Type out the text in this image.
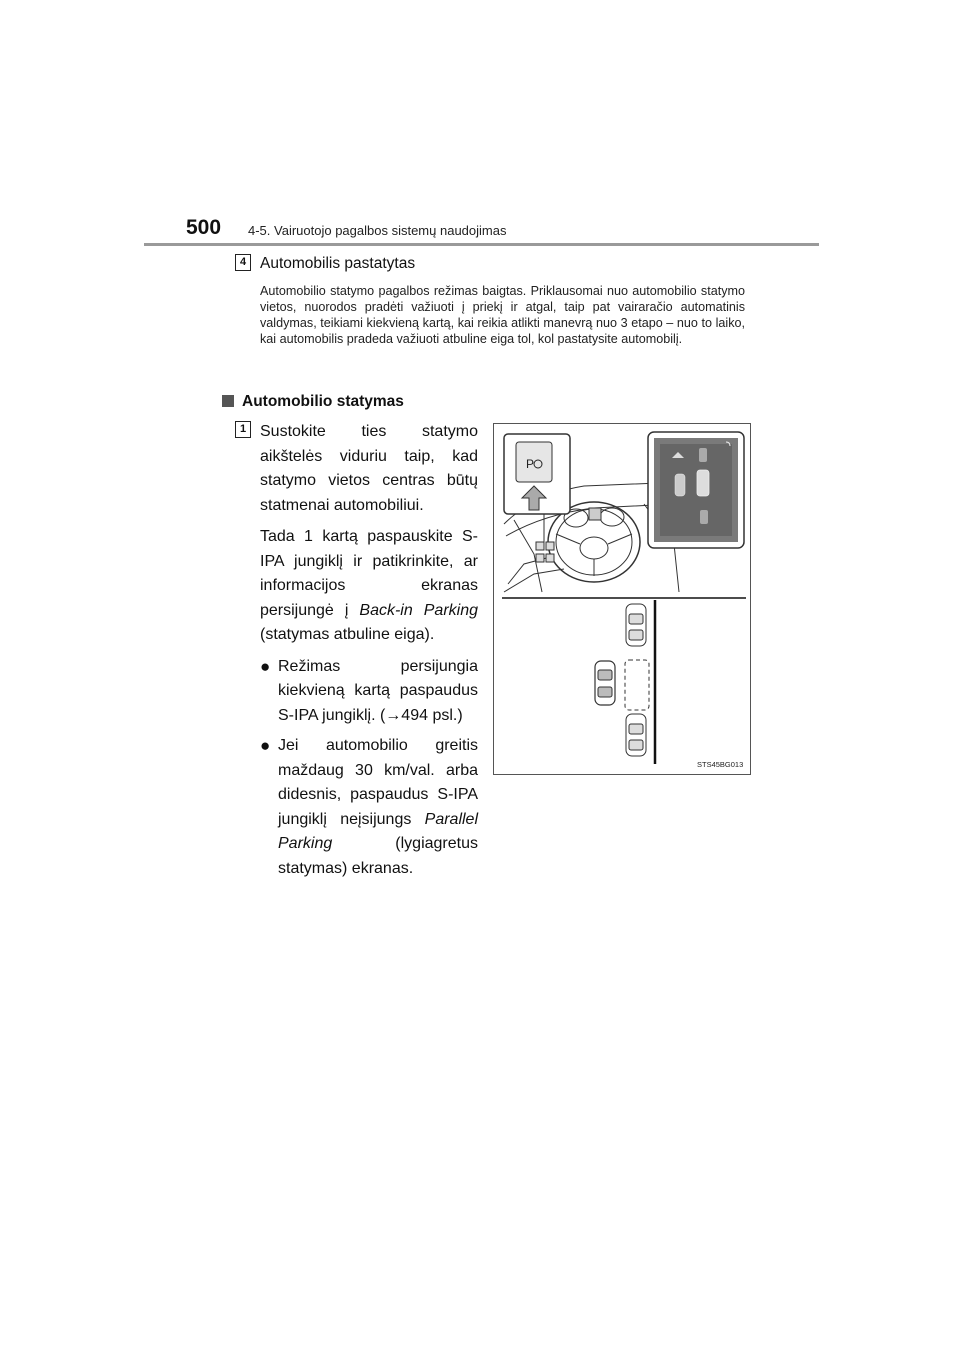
500 4-5. Vairuotojo pagalbos sistemų naudojimas
4 Automobilis pastatytas
Automobilio statymo pagalbos režimas baigtas. Priklausomai nuo automobilio statymo vietos, nuorodos pradėti važiuoti į priekį ir atgal, taip pat vairaračio automatinis valdymas, teikiami kiekvieną kartą, kai reikia atlikti manevrą nuo 3 etapo – nuo to laiko, kai automobilis pradeda važiuoti atbuline eiga tol, kol pastatysite automobilį.
Automobilio statymas
1 Sustokite ties statymo aikštelės viduriu taip, kad statymo vietos centras būtų statmenai automobiliui.

Tada 1 kartą paspauskite S-IPA jungiklį ir patikrinkite, ar informacijos ekranas persijungė į Back-in Parking (statymas atbuline eiga).

● Režimas persijungia kiekvieną kartą paspaudus S-IPA jungiklį. (→494 psl.)
● Jei automobilio greitis maždaug 30 km/val. arba didesnis, paspaudus S-IPA jungiklį neįsijungs Parallel Parking (lygiagretus statymas) ekranas.
P
STS45BG013
